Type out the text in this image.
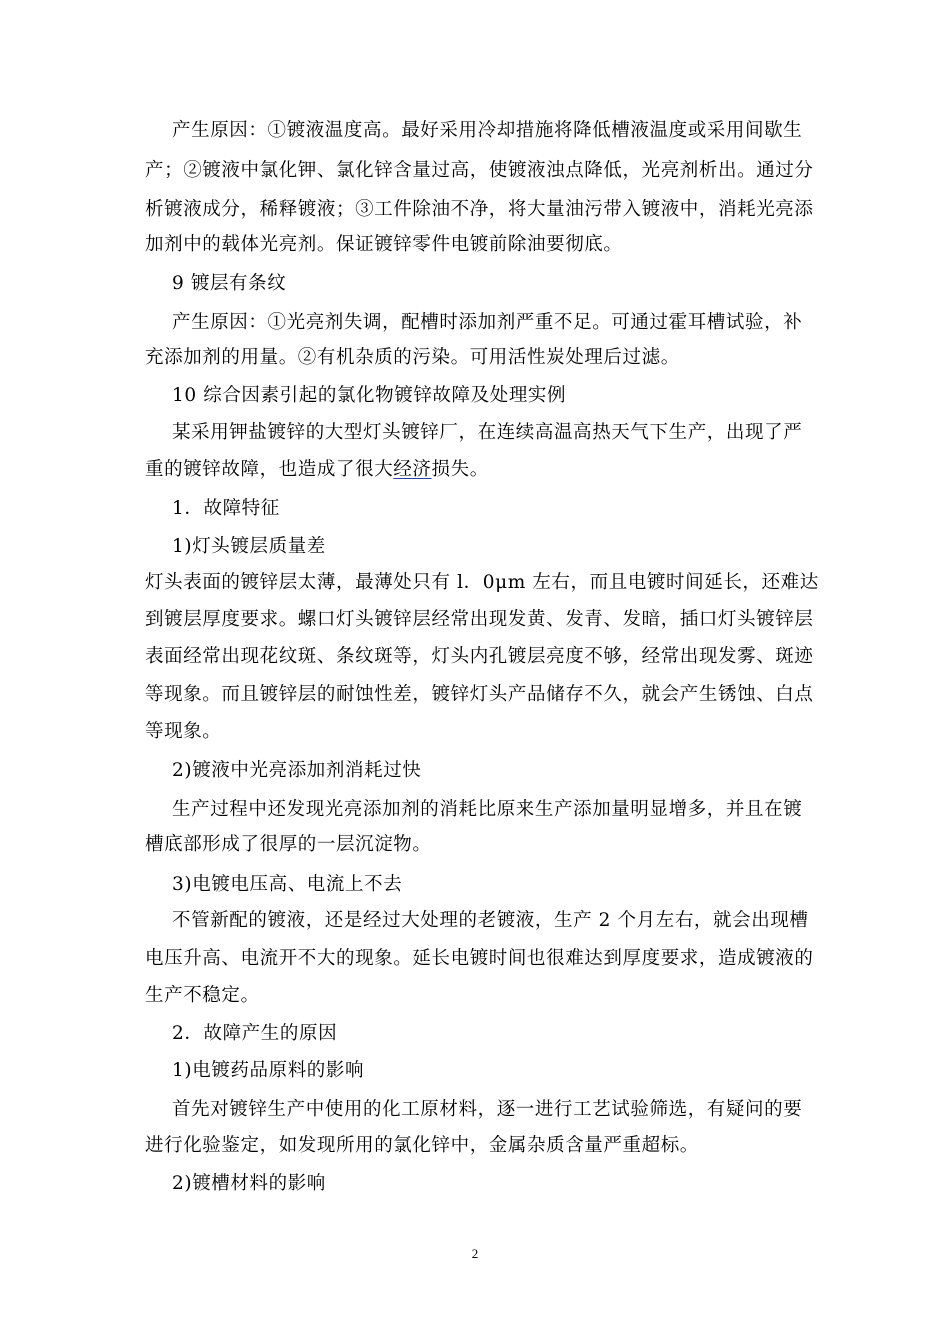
产生原因：①镀液温度高。最好采用冷却措施将降低槽液温度或采用间歇生
产；②镀液中氯化钾、氯化锌含量过高，使镀液浊点降低，光亮剂析出。通过分
析镀液成分，稀释镀液；③工件除油不净，将大量油污带入镀液中，消耗光亮添
加剂中的载体光亮剂。保证镀锌零件电镀前除油要彻底。
9 镀层有条纹
产生原因：①光亮剂失调，配槽时添加剂严重不足。可通过霍耳槽试验，补
充添加剂的用量。②有机杂质的污染。可用活性炭处理后过滤。
10 综合因素引起的氯化物镀锌故障及处理实例
某采用钾盐镀锌的大型灯头镀锌厂，在连续高温高热天气下生产，出现了严
重的镀锌故障，也造成了很大经济损失。
1．故障特征
1)灯头镀层质量差
灯头表面的镀锌层太薄，最薄处只有 l．0μm 左右，而且电镀时间延长，还难达
到镀层厚度要求。螺口灯头镀锌层经常出现发黄、发青、发暗，插口灯头镀锌层
表面经常出现花纹斑、条纹斑等，灯头内孔镀层亮度不够，经常出现发雾、斑迹
等现象。而且镀锌层的耐蚀性差，镀锌灯头产品储存不久，就会产生锈蚀、白点
等现象。
2)镀液中光亮添加剂消耗过快
生产过程中还发现光亮添加剂的消耗比原来生产添加量明显增多，并且在镀
槽底部形成了很厚的一层沉淀物。
3)电镀电压高、电流上不去
不管新配的镀液，还是经过大处理的老镀液，生产 2 个月左右，就会出现槽
电压升高、电流开不大的现象。延长电镀时间也很难达到厚度要求，造成镀液的
生产不稳定。
2．故障产生的原因
1)电镀药品原料的影响
首先对镀锌生产中使用的化工原材料，逐一进行工艺试验筛选，有疑问的要
进行化验鉴定，如发现所用的氯化锌中，金属杂质含量严重超标。
2)镀槽材料的影响
2
